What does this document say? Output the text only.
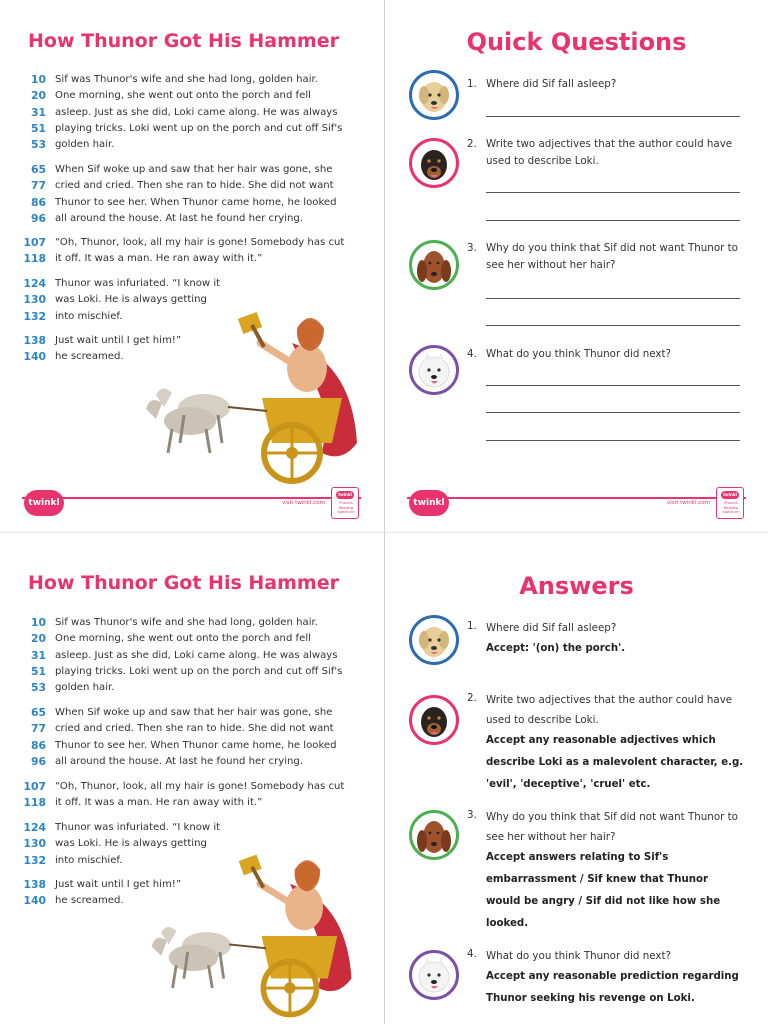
How Thunor Got His Hammer
10 Sif was Thunor's wife and she had long, golden hair.
20 One morning, she went out onto the porch and fell
31 asleep. Just as she did, Loki came along. He was always
51 playing tricks. Loki went up on the porch and cut off Sif's
53 golden hair.
65 When Sif woke up and saw that her hair was gone, she
77 cried and cried. Then she ran to hide. She did not want
86 Thunor to see her. When Thunor came home, he looked
96 all around the house. At last he found her crying.
107 “Oh, Thunor, look, all my hair is gone! Somebody has cut
118 it off. It was a man. He ran away with it.”
124 Thunor was infuriated. “I know it
130 was Loki. He is always getting
132 into mischief.
138 Just wait until I get him!”
140 he screamed.
twinkl	visit twinkl.com
twinkl
Phonics Reading Spectrum
Quick Questions
1. Where did Sif fall asleep?
2. Write two adjectives that the author could have used to describe Loki.
3. Why do you think that Sif did not want Thunor to see her without her hair?
4. What do you think Thunor did next?
twinkl	visit twinkl.com
twinkl
Phonics Reading Spectrum
How Thunor Got His Hammer
10 Sif was Thunor's wife and she had long, golden hair.
20 One morning, she went out onto the porch and fell
31 asleep. Just as she did, Loki came along. He was always
51 playing tricks. Loki went up on the porch and cut off Sif's
53 golden hair.
65 When Sif woke up and saw that her hair was gone, she
77 cried and cried. Then she ran to hide. She did not want
86 Thunor to see her. When Thunor came home, he looked
96 all around the house. At last he found her crying.
107 “Oh, Thunor, look, all my hair is gone! Somebody has cut
118 it off. It was a man. He ran away with it.”
124 Thunor was infuriated. “I know it
130 was Loki. He is always getting
132 into mischief.
138 Just wait until I get him!”
140 he screamed.
Answers
1. Where did Sif fall asleep?
Accept: '(on) the porch'.
2. Write two adjectives that the author could have used to describe Loki.
Accept any reasonable adjectives which describe Loki as a malevolent character, e.g. 'evil', 'deceptive', 'cruel' etc.
3. Why do you think that Sif did not want Thunor to see her without her hair?
Accept answers relating to Sif's embarrassment / Sif knew that Thunor would be angry / Sif did not like how she looked.
4. What do you think Thunor did next?
Accept any reasonable prediction regarding Thunor seeking his revenge on Loki.
